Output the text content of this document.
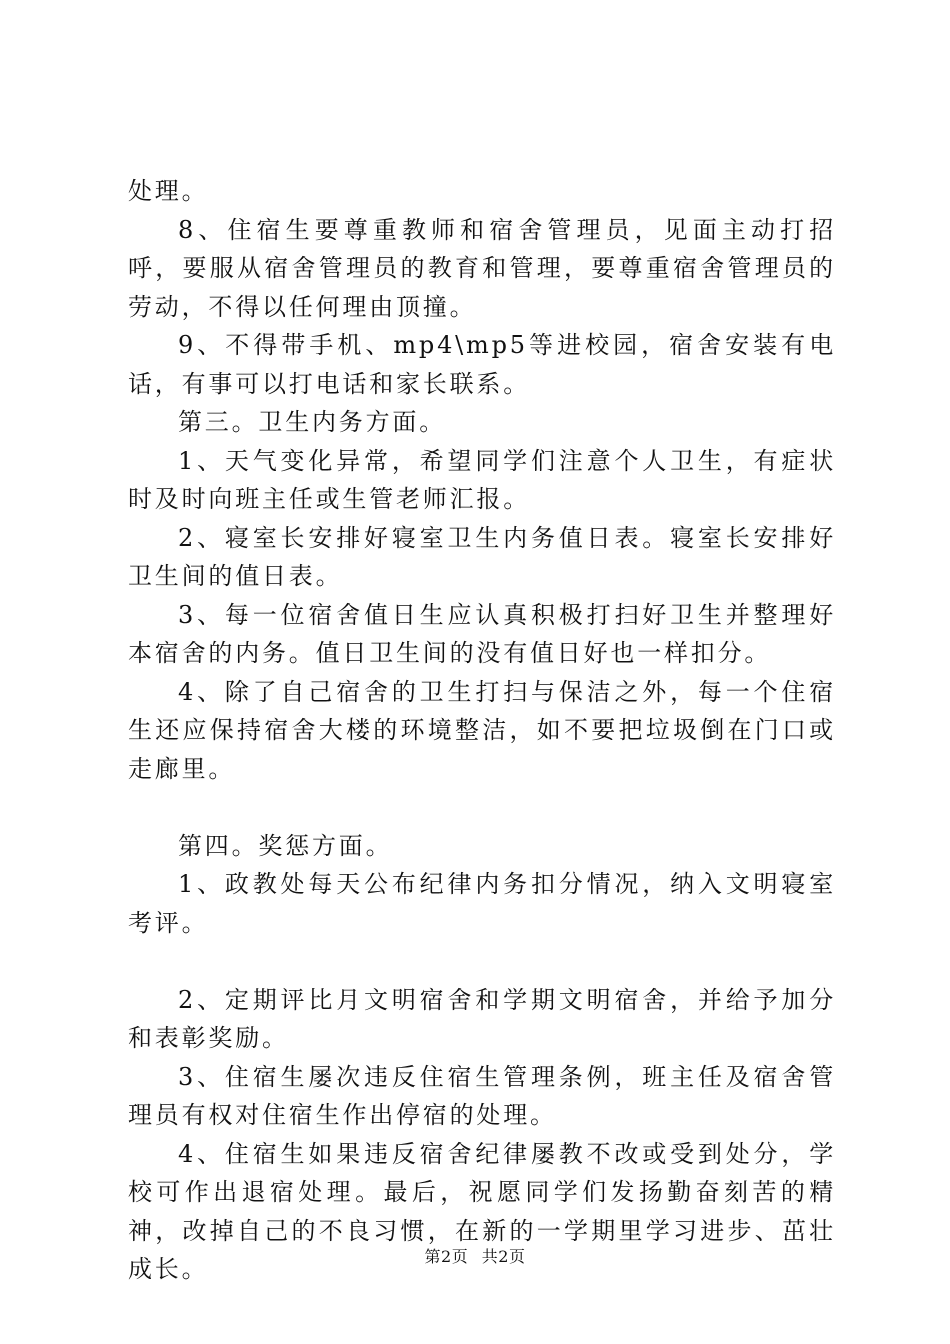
处理。

8、住宿生要尊重教师和宿舍管理员，见面主动打招呼，要服从宿舍管理员的教育和管理，要尊重宿舍管理员的劳动，不得以任何理由顶撞。

9、不得带手机、mp4\mp5等进校园，宿舍安装有电话，有事可以打电话和家长联系。

第三。卫生内务方面。

1、天气变化异常，希望同学们注意个人卫生，有症状时及时向班主任或生管老师汇报。

2、寝室长安排好寝室卫生内务值日表。寝室长安排好卫生间的值日表。

3、每一位宿舍值日生应认真积极打扫好卫生并整理好本宿舍的内务。值日卫生间的没有值日好也一样扣分。

4、除了自己宿舍的卫生打扫与保洁之外，每一个住宿生还应保持宿舍大楼的环境整洁，如不要把垃圾倒在门口或走廊里。

第四。奖惩方面。

1、政教处每天公布纪律内务扣分情况，纳入文明寝室考评。

2、定期评比月文明宿舍和学期文明宿舍，并给予加分和表彰奖励。

3、住宿生屡次违反住宿生管理条例，班主任及宿舍管理员有权对住宿生作出停宿的处理。

4、住宿生如果违反宿舍纪律屡教不改或受到处分，学校可作出退宿处理。最后，祝愿同学们发扬勤奋刻苦的精神，改掉自己的不良习惯，在新的一学期里学习进步、茁壮成长。	第2页 共2页
